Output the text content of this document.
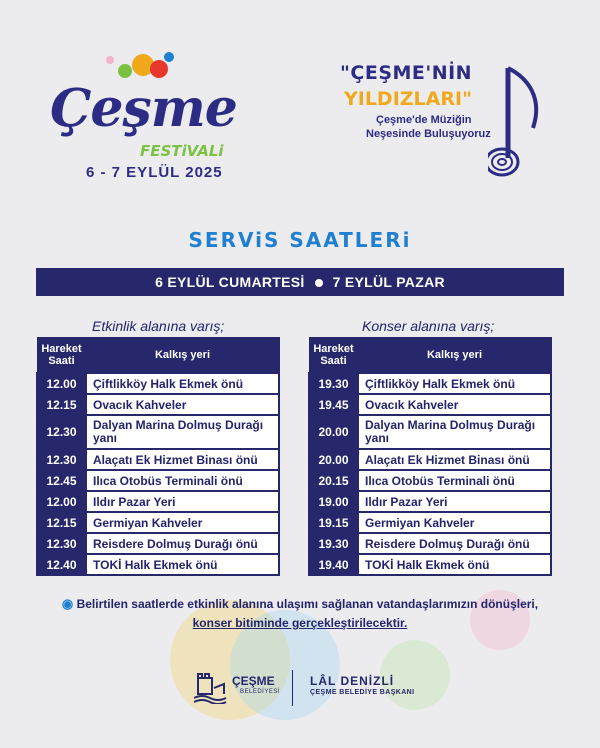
Çeşme
FESTiVALi
6 - 7 EYLÜL 2025
"ÇEŞME'NİN
YILDIZLARI"
Çeşme'de Müziğin
Neşesinde Buluşuyoruz
SERViS SAATLERi
6 EYLÜL CUMARTESİ 7 EYLÜL PAZAR
Etkinlik alanına varış;	Konser alanına varış;
Hareket Saati	Kalkış yeri
12.00	Çiftlikköy Halk Ekmek önü
12.15	Ovacık Kahveler
12.30	Dalyan Marina Dolmuş Durağı yanı
12.30	Alaçatı Ek Hizmet Binası önü
12.45	Ilıca Otobüs Terminali önü
12.00	Ildır Pazar Yeri
12.15	Germiyan Kahveler
12.30	Reisdere Dolmuş Durağı önü
12.40	TOKİ Halk Ekmek önü
Hareket Saati	Kalkış yeri
19.30	Çiftlikköy Halk Ekmek önü
19.45	Ovacık Kahveler
20.00	Dalyan Marina Dolmuş Durağı yanı
20.00	Alaçatı Ek Hizmet Binası önü
20.15	Ilıca Otobüs Terminali önü
19.00	Ildır Pazar Yeri
19.15	Germiyan Kahveler
19.30	Reisdere Dolmuş Durağı önü
19.40	TOKİ Halk Ekmek önü
◉ Belirtilen saatlerde etkinlik alanına ulaşımı sağlanan vatandaşlarımızın dönüşleri,
konser bitiminde gerçekleştirilecektir.
ÇEŞME
BELEDİYESİ
LÂL DENİZLİ
ÇEŞME BELEDİYE BAŞKANI
